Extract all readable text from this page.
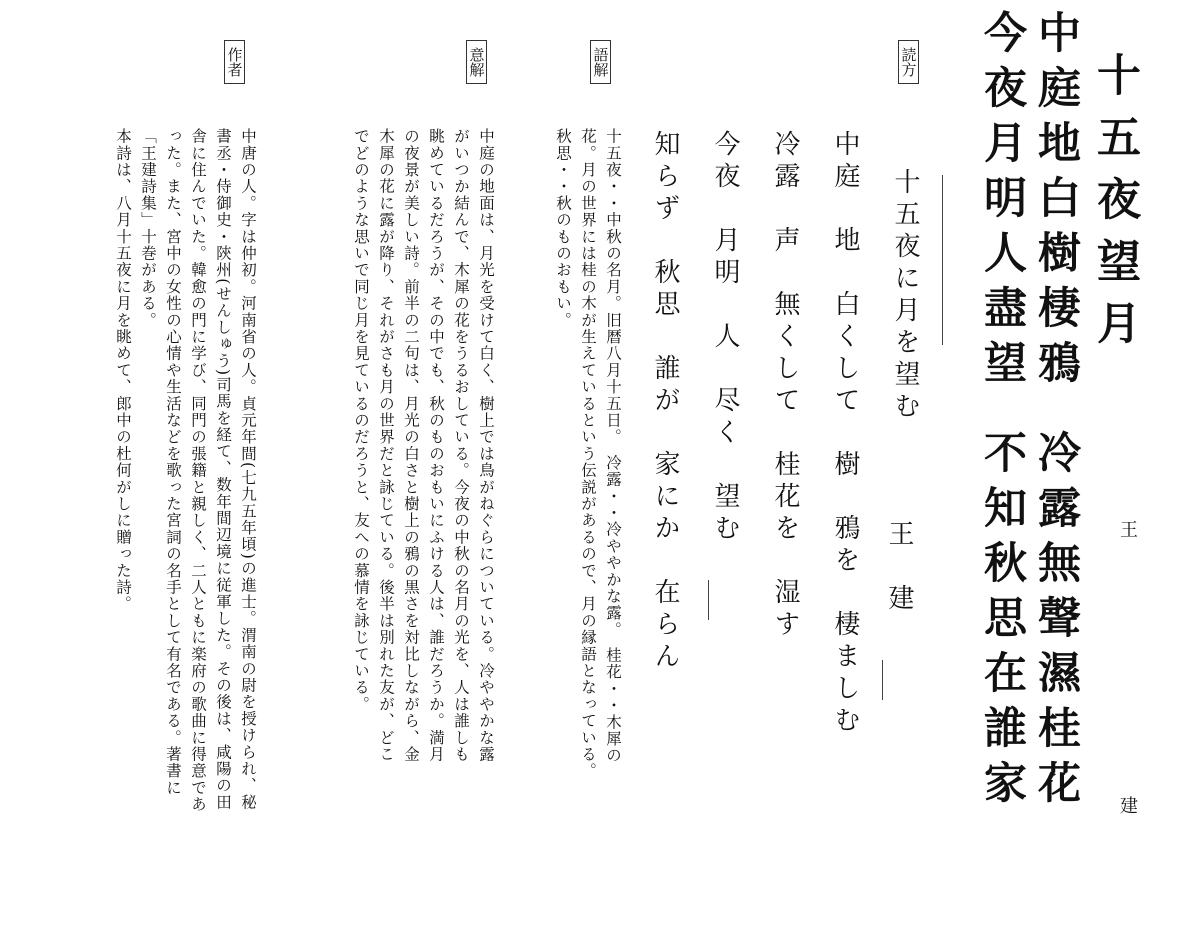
十五夜望月
王　建
中庭地白樹棲鴉
冷露無聲濕桂花
今夜月明人盡望
不知秋思在誰家
読方
十五夜に月を望む
中庭　地　白くして　樹　鴉を　棲ましむ
冷露　声　無くして　桂花を　湿す
今夜　月明　人　尽く　望む
知らず　秋思　誰が　家にか　在らん	王　建
語解
十五夜・・中秋の名月。旧暦八月十五日。　冷露・・冷ややかな露。　桂花・・木犀の花。月の世界には桂の木が生えているという伝説があるので、月の縁語となっている。　秋思・・秋のものおもい。
意解
中庭の地面は、月光を受けて白く、樹上では鳥がねぐらについている。冷ややかな露がいつか結んで、木犀の花をうるおしている。今夜の中秋の名月の光を、人は誰しも眺めているだろうが、その中でも、秋のものおもいにふける人は、誰だろうか。満月の夜景が美しい詩。前半の二句は、月光の白さと樹上の鴉の黒さを対比しながら、金木犀の花に露が降り、それがさも月の世界だと詠じている。後半は別れた友が、どこでどのような思いで同じ月を見ているのだろうと、友への慕情を詠じている。
作者
中唐の人。字は仲初。河南省の人。貞元年間(七九五年頃)の進士。渭南の尉を授けられ、秘書丞・侍御史・陝州(せんしゅう)司馬を経て、数年間辺境に従軍した。その後は、咸陽の田舎に住んでいた。韓愈の門に学び、同門の張籍と親しく、二人ともに楽府の歌曲に得意であった。また、宮中の女性の心情や生活などを歌った宮詞の名手として有名である。著書に「王建詩集」十巻がある。
本詩は、八月十五夜に月を眺めて、郎中の杜何がしに贈った詩。
